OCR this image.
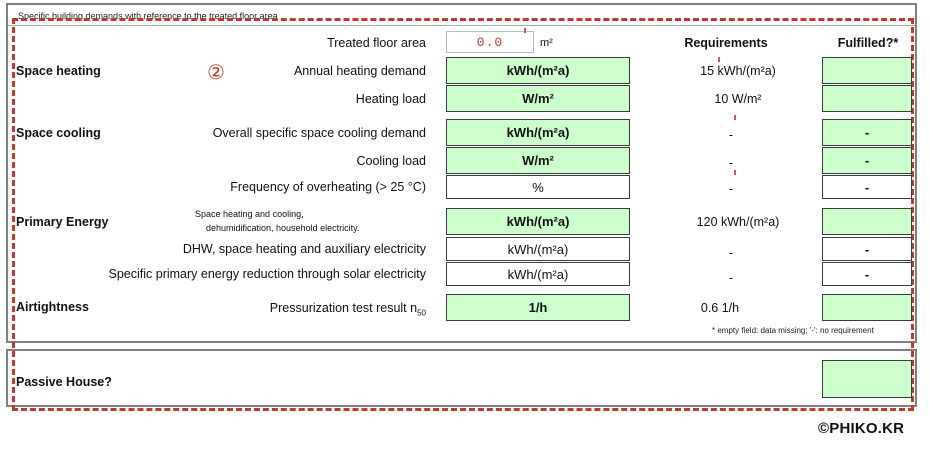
Specific building demands with reference to the treated floor area
②
Requirements	Fulfilled?*
Treated floor area	0.0	m²
Space heating	Annual heating demand	kWh/(m²a)	15 kWh/(m²a)
Heating load	W/m²	10 W/m²
Space cooling	Overall specific space cooling demand	kWh/(m²a)	-	-
Cooling load	W/m²	-	-
Frequency of overheating (> 25 °C)	%	-	-
Primary Energy
Space heating and cooling,
dehumidification, household electricity.	kWh/(m²a)	120 kWh/(m²a)
DHW, space heating and auxiliary electricity	kWh/(m²a)	-	-
Specific primary energy reduction through solar electricity	kWh/(m²a)	-	-
Airtightness	Pressurization test result $n_{50}$	1/h	0.6 1/h
* empty field: data missing; '-': no requirement
Passive House?
©PHIKO.KR
